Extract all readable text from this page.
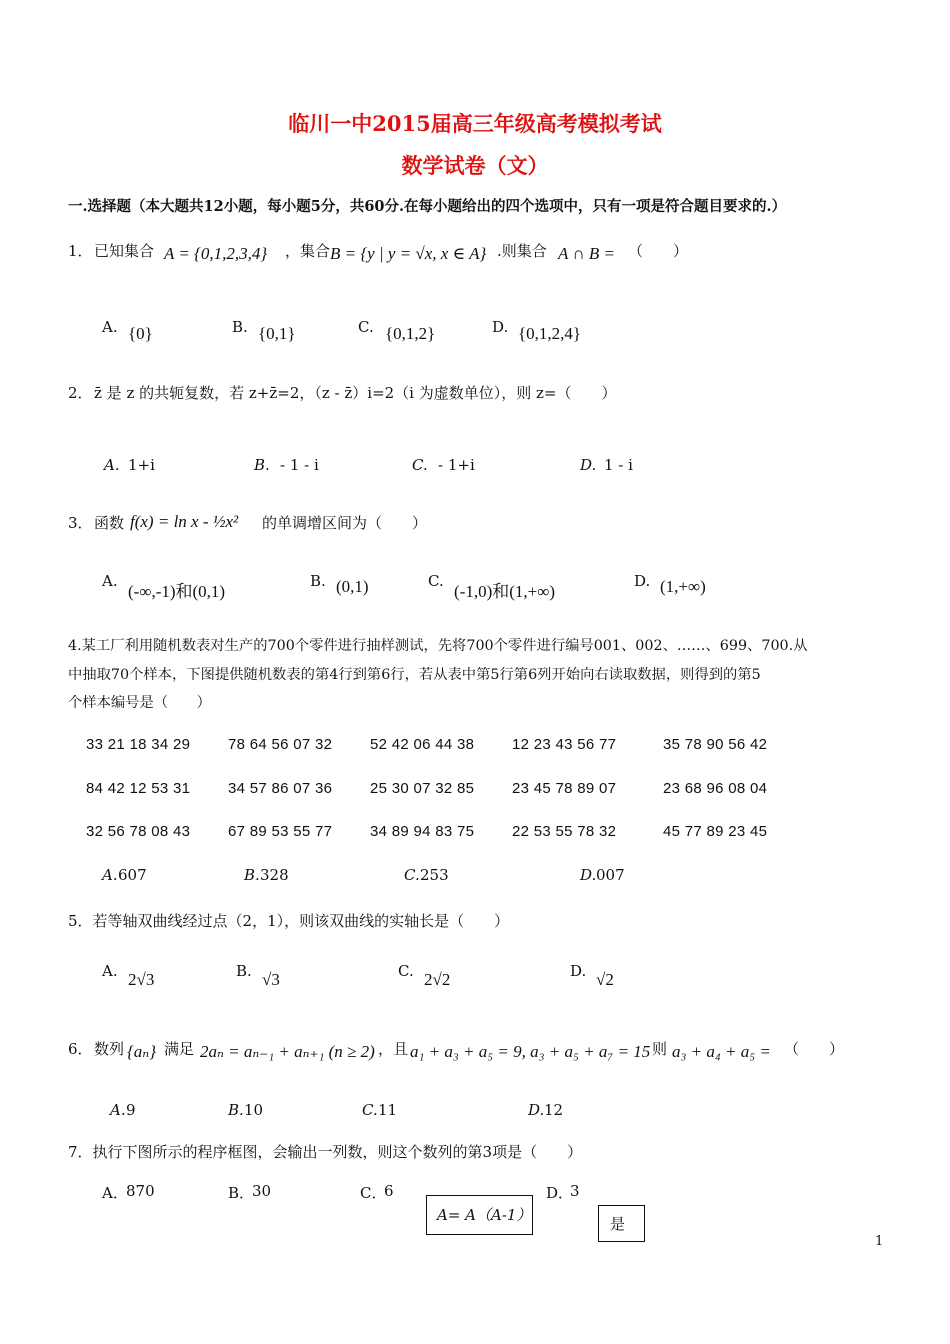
临川一中2015届高三年级高考模拟考试
数学试卷（文）
一.选择题（本大题共12小题，每小题5分，共60分.在每小题给出的四个选项中，只有一项是符合题目要求的.）
1． 已知集合 A = {0,1,2,3,4} ，集合 B = {y | y = √x, x ∈ A} .则集合 A ∩ B = （　　）
A. {0}	B. {0,1}	C. {0,1,2}	D. {0,1,2,4}
2． z̄ 是 z 的共轭复数，若 z+z̄=2，（z - z̄）i=2（i 为虚数单位），则 z=（　　）
A. 1+i	B. - 1 - i	C. - 1+i	D. 1 - i
3． 函数 f(x) = ln x - ½x² 的单调增区间为（　　）
A.
(-∞,-1)和(0,1)
B. (0,1)	C.
(-1,0)和(1,+∞)
D. (1,+∞)
4.某工厂利用随机数表对生产的700个零件进行抽样测试，先将700个零件进行编号001、002、……、699、700.从
中抽取70个样本，下图提供随机数表的第4行到第6行，若从表中第5行第6列开始向右读取数据，则得到的第5
个样本编号是（　　）
33 21 18 34 29	78 64 56 07 32	52 42 06 44 38	12 23 43 56 77	35 78 90 56 42
84 42 12 53 31	34 57 86 07 36	25 30 07 32 85	23 45 78 89 07	23 68 96 08 04
32 56 78 08 43	67 89 53 55 77	34 89 94 83 75	22 53 55 78 32	45 77 89 23 45
A. 607	B. 328	C. 253	D. 007
5．若等轴双曲线经过点（2，1），则该双曲线的实轴长是（　　）
A. 2√3	B. √3	C. 2√2	D. √2
6． 数列 {aₙ} 满足 2aₙ = aₙ₋₁ + aₙ₊₁ (n ≥ 2) ，且 a₁ + a₃ + a₅ = 9, a₃ + a₅ + a₇ = 15 则 a₃ + a₄ + a₅ = （　　）
A. 9	B. 10	C. 11	D. 12
7．执行下图所示的程序框图，会输出一列数，则这个数列的第3项是（　　）
A．
870	B．
30	C．
6	D．
3
A= A（A-1）	是
1
